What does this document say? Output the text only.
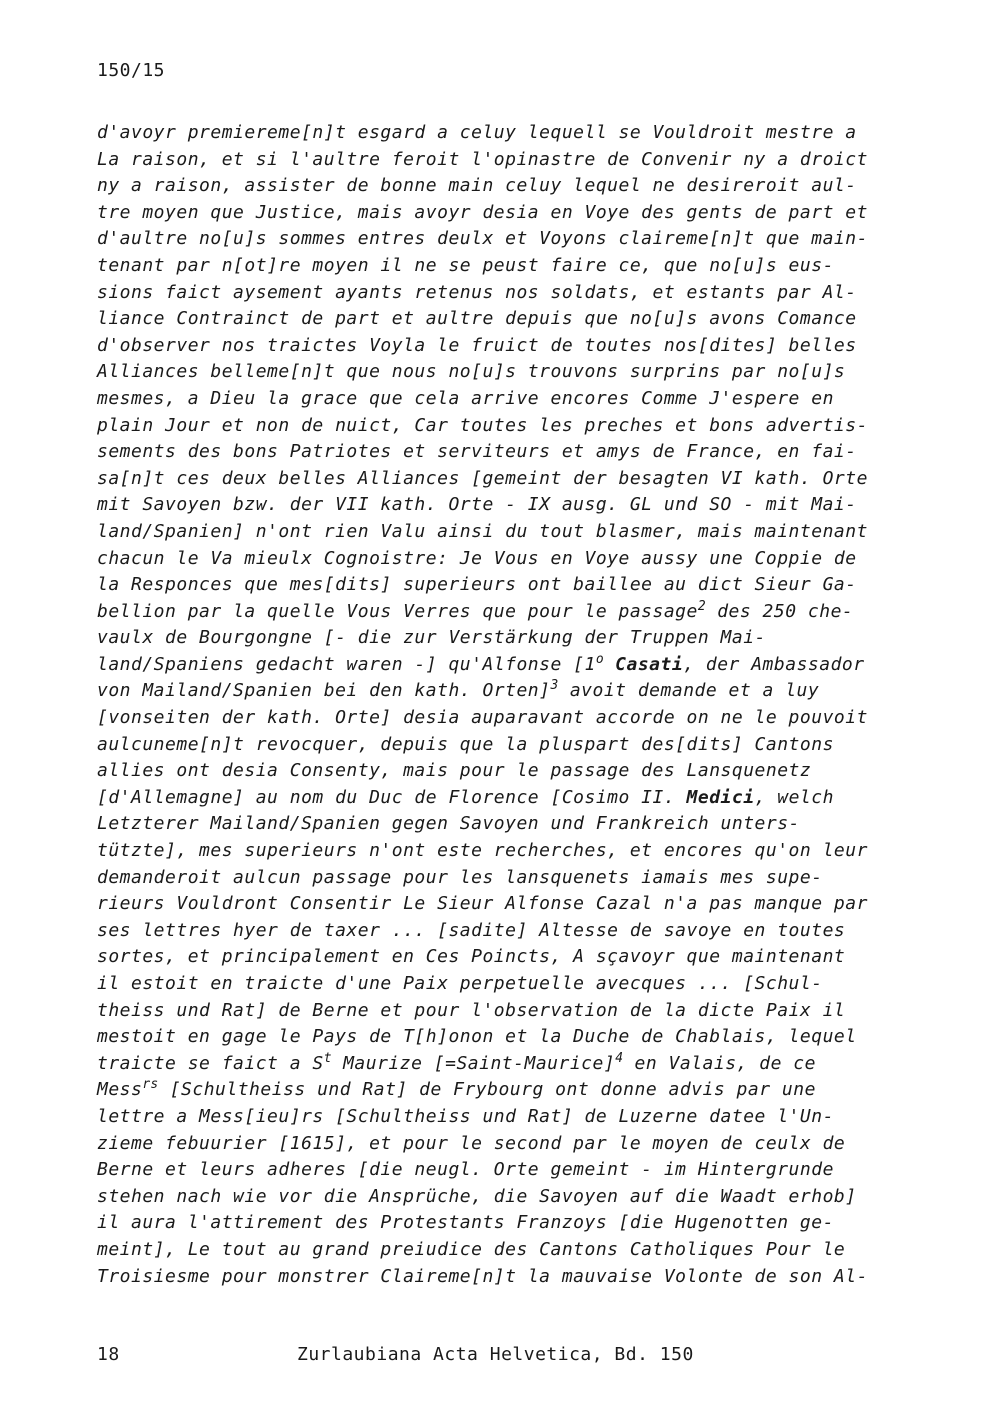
150/15
d'avoyr premiereme[n]t esgard a celuy lequell se Vouldroit mestre a
La raison, et si l'aultre feroit l'opinastre de Convenir ny a droict
ny a raison, assister de bonne main celuy lequel ne desireroit aul-
tre moyen que Justice, mais avoyr desia en Voye des gents de part et
d'aultre no[u]s sommes entres deulx et Voyons claireme[n]t que main-
tenant par n[ot]re moyen il ne se peust faire ce, que no[u]s eus-
sions faict aysement ayants retenus nos soldats, et estants par Al-
liance Contrainct de part et aultre depuis que no[u]s avons Comance
d'observer nos traictes Voyla le fruict de toutes nos[dites] belles
Alliances belleme[n]t que nous no[u]s trouvons surprins par no[u]s
mesmes, a Dieu la grace que cela arrive encores Comme J'espere en
plain Jour et non de nuict, Car toutes les preches et bons advertis-
sements des bons Patriotes et serviteurs et amys de France, en fai-
sa[n]t ces deux belles Alliances [gemeint der besagten VI kath. Orte
mit Savoyen bzw. der VII kath. Orte - IX ausg. GL und SO - mit Mai-
land/Spanien] n'ont rien Valu ainsi du tout blasmer, mais maintenant
chacun le Va mieulx Cognoistre: Je Vous en Voye aussy une Coppie de
la Responces que mes[dits] superieurs ont baillee au dict Sieur Ga-
bellion par la quelle Vous Verres que pour le passage$^2$ des 250 che-
vaulx de Bourgongne [- die zur Verstärkung der Truppen Mai-
land/Spaniens gedacht waren -] qu'Alfonse [1$^o$ Casati, der Ambassador
von Mailand/Spanien bei den kath. Orten]$^3$ avoit demande et a luy
[vonseiten der kath. Orte] desia auparavant accorde on ne le pouvoit
aulcuneme[n]t revocquer, depuis que la pluspart des[dits] Cantons
allies ont desia Consenty, mais pour le passage des Lansquenetz
[d'Allemagne] au nom du Duc de Florence [Cosimo II. Medici, welch
Letzterer Mailand/Spanien gegen Savoyen und Frankreich unters-
tützte], mes superieurs n'ont este recherches, et encores qu'on leur
demanderoit aulcun passage pour les lansquenets iamais mes supe-
rieurs Vouldront Consentir Le Sieur Alfonse Cazal n'a pas manque par
ses lettres hyer de taxer ... [sadite] Altesse de savoye en toutes
sortes, et principalement en Ces Poincts, A sçavoyr que maintenant
il estoit en traicte d'une Paix perpetuelle avecques ... [Schul-
theiss und Rat] de Berne et pour l'observation de la dicte Paix il
mestoit en gage le Pays de T[h]onon et la Duche de Chablais, lequel
traicte se faict a $S^t$ Maurize [=Saint-Maurice]$^4$ en Valais, de ce
Mess$^{rs}$ [Schultheiss und Rat] de Frybourg ont donne advis par une
lettre a Mess[ieu]rs [Schultheiss und Rat] de Luzerne datee l'Un-
zieme febuurier [1615], et pour le second par le moyen de ceulx de
Berne et leurs adheres [die neugl. Orte gemeint - im Hintergrunde
stehen nach wie vor die Ansprüche, die Savoyen auf die Waadt erhob]
il aura l'attirement des Protestants Franzoys [die Hugenotten ge-
meint], Le tout au grand preiudice des Cantons Catholiques Pour le
Troisiesme pour monstrer Claireme[n]t la mauvaise Volonte de son Al-
18	Zurlaubiana Acta Helvetica, Bd. 150
